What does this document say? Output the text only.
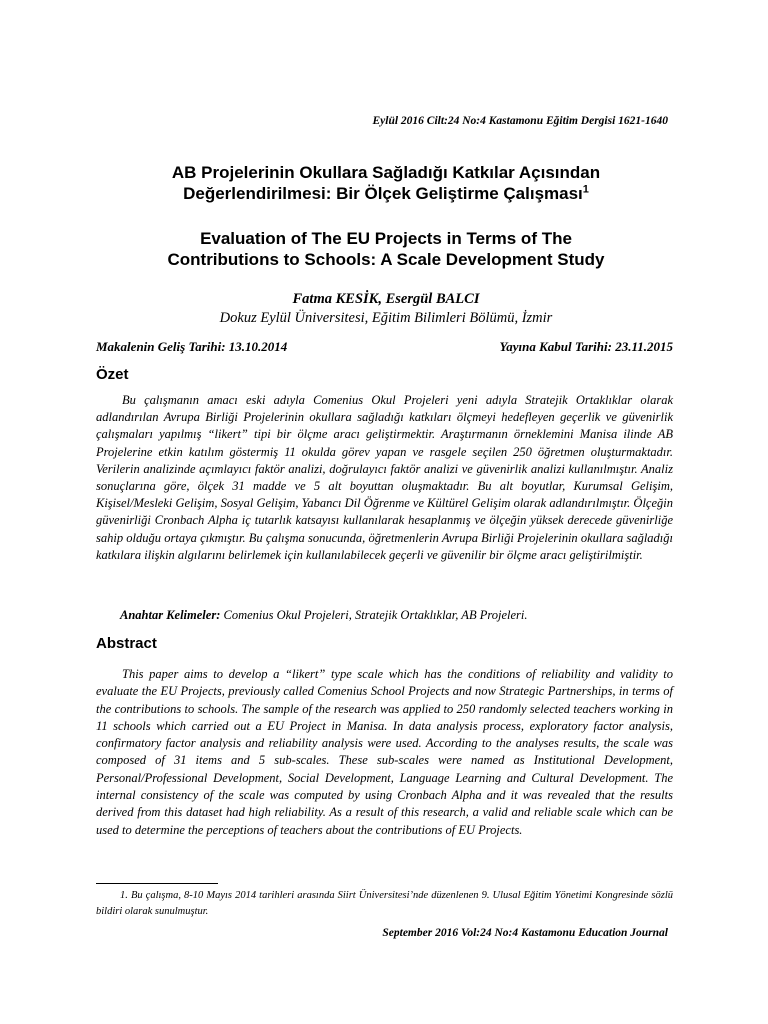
Eylül 2016 Cilt:24 No:4 Kastamonu Eğitim Dergisi 1621-1640
AB Projelerinin Okullara Sağladığı Katkılar Açısından
Değerlendirilmesi: Bir Ölçek Geliştirme Çalışması$^1$
Evaluation of The EU Projects in Terms of The
Contributions to Schools: A Scale Development Study
Fatma KESİK, Esergül BALCI
Dokuz Eylül Üniversitesi, Eğitim Bilimleri Bölümü, İzmir
Makalenin Geliş Tarihi: 13.10.2014	Yayına Kabul Tarihi: 23.11.2015
Özet

Bu çalışmanın amacı eski adıyla Comenius Okul Projeleri yeni adıyla Stratejik Ortaklıklar olarak adlandırılan Avrupa Birliği Projelerinin okullara sağladığı katkıları ölçmeyi hedefleyen geçerlik ve güvenirlik çalışmaları yapılmış “likert” tipi bir ölçme aracı geliştirmektir. Araştırmanın örneklemini Manisa ilinde AB Projelerine etkin katılım göstermiş 11 okulda görev yapan ve rasgele seçilen 250 öğretmen oluşturmaktadır. Verilerin analizinde açımlayıcı faktör analizi, doğrulayıcı faktör analizi ve güvenirlik analizi kullanılmıştır. Analiz sonuçlarına göre, ölçek 31 madde ve 5 alt boyuttan oluşmaktadır. Bu alt boyutlar, Kurumsal Gelişim, Kişisel/Mesleki Gelişim, Sosyal Gelişim, Yabancı Dil Öğrenme ve Kültürel Gelişim olarak adlandırılmıştır. Ölçeğin güvenirliği Cronbach Alpha iç tutarlık katsayısı kullanılarak hesaplanmış ve ölçeğin yüksek derecede güvenirliğe sahip olduğu ortaya çıkmıştır. Bu çalışma sonucunda, öğretmenlerin Avrupa Birliği Projelerinin okullara sağladığı katkılara ilişkin algılarını belirlemek için kullanılabilecek geçerli ve güvenilir bir ölçme aracı geliştirilmiştir.

Anahtar Kelimeler: Comenius Okul Projeleri, Stratejik Ortaklıklar, AB Projeleri.
Abstract

This paper aims to develop a “likert” type scale which has the conditions of reliability and validity to evaluate the EU Projects, previously called Comenius School Projects and now Strategic Partnerships, in terms of the contributions to schools. The sample of the research was applied to 250 randomly selected teachers working in 11 schools which carried out a EU Project in Manisa. In data analysis process, exploratory factor analysis, confirmatory factor analysis and reliability analysis were used. According to the analyses results, the scale was composed of 31 items and 5 sub-scales. These sub-scales were named as Institutional Development, Personal/Professional Development, Social Development, Language Learning and Cultural Development. The internal consistency of the scale was computed by using Cronbach Alpha and it was revealed that the results derived from this dataset had high reliability. As a result of this research, a valid and reliable scale which can be used to determine the perceptions of teachers about the contributions of EU Projects.

1. Bu çalışma, 8-10 Mayıs 2014 tarihleri arasında Siirt Üniversitesi’nde düzenlenen 9. Ulusal Eğitim Yönetimi Kongresinde sözlü bildiri olarak sunulmuştur.

September 2016 Vol:24 No:4 Kastamonu Education Journal
